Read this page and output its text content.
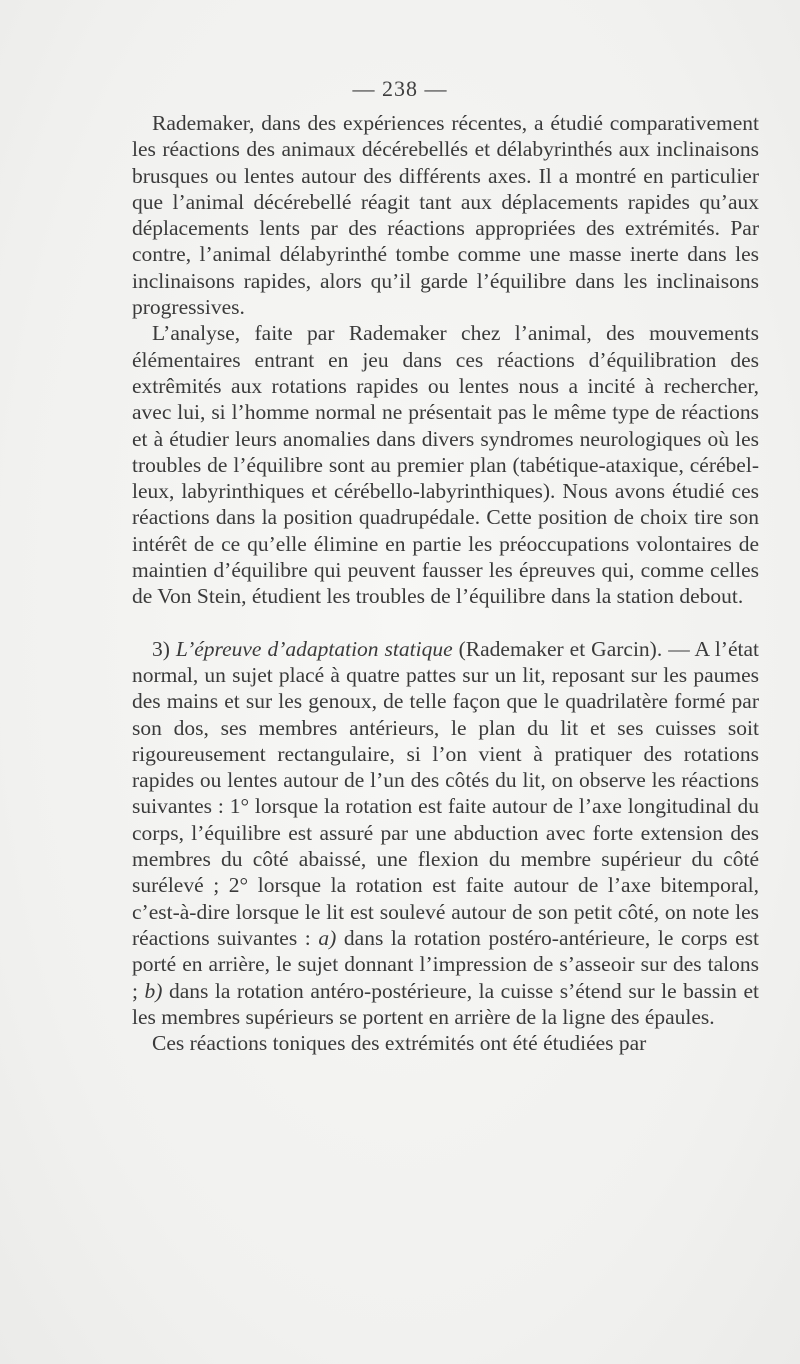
— 238 —

Rademaker, dans des expériences récentes, a étudié comparativement les réactions des animaux décérebellés et délabyrinthés aux inclinaisons brusques ou lentes autour des différents axes. Il a montré en particulier que l’animal décérebellé réagit tant aux déplacements rapides qu’aux déplacements lents par des réactions appropriées des extrémités. Par contre, l’animal délabyrinthé tombe comme une masse inerte dans les inclinaisons rapides, alors qu’il garde l’équilibre dans les inclinaisons progressives.

L’analyse, faite par Rademaker chez l’animal, des mouvements élémentaires entrant en jeu dans ces réactions d’équilibration des extrêmités aux rotations rapides ou lentes nous a incité à rechercher, avec lui, si l’homme normal ne présentait pas le même type de réactions et à étudier leurs anomalies dans divers syndromes neurologiques où les troubles de l’équilibre sont au premier plan (tabétique-ataxique, cérébelleux, labyrinthiques et cérébello-labyrinthiques). Nous avons étudié ces réactions dans la position quadrupédale. Cette position de choix tire son intérêt de ce qu’elle élimine en partie les préoccupations volontaires de maintien d’équilibre qui peuvent fausser les épreuves qui, comme celles de Von Stein, étudient les troubles de l’équilibre dans la station debout.

3) L’épreuve d’adaptation statique (Rademaker et Garcin). — A l’état normal, un sujet placé à quatre pattes sur un lit, reposant sur les paumes des mains et sur les genoux, de telle façon que le quadrilatère formé par son dos, ses membres antérieurs, le plan du lit et ses cuisses soit rigoureusement rectangulaire, si l’on vient à pratiquer des rotations rapides ou lentes autour de l’un des côtés du lit, on observe les réactions suivantes : 1° lorsque la rotation est faite autour de l’axe longitudinal du corps, l’équilibre est assuré par une abduction avec forte extension des membres du côté abaissé, une flexion du membre supérieur du côté surélevé ; 2° lorsque la rotation est faite autour de l’axe bitemporal, c’est-à-dire lorsque le lit est soulevé autour de son petit côté, on note les réactions suivantes : a) dans la rotation postéro-antérieure, le corps est porté en arrière, le sujet donnant l’impression de s’asseoir sur des talons ; b) dans la rotation antéro-postérieure, la cuisse s’étend sur le bassin et les membres supérieurs se portent en arrière de la ligne des épaules.

Ces réactions toniques des extrémités ont été étudiées par
